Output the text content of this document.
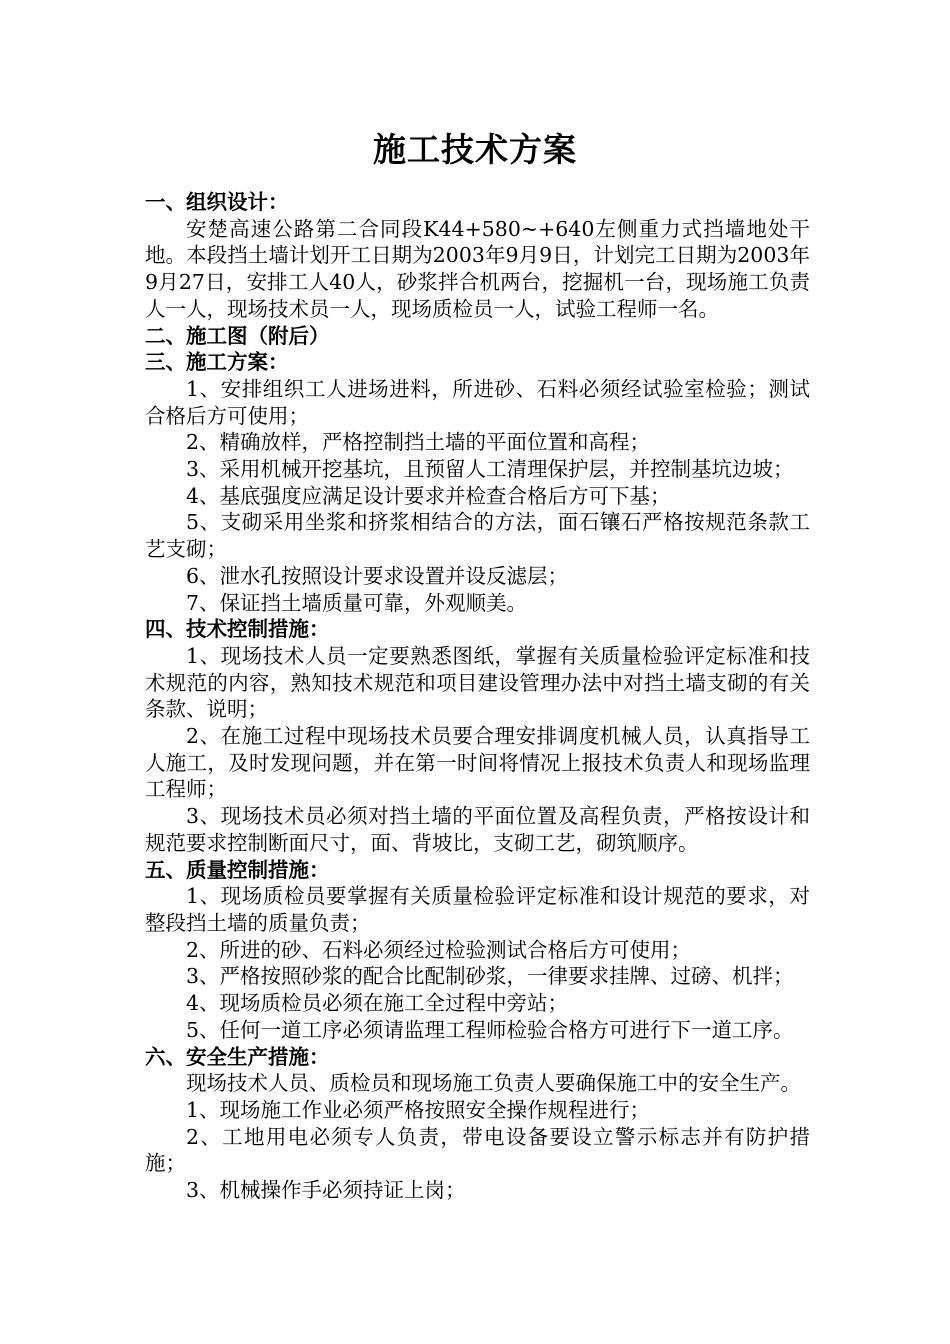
施工技术方案

一、组织设计：

安楚高速公路第二合同段K44+580~+640左侧重力式挡墙地处干地。本段挡土墙计划开工日期为2003年9月9日，计划完工日期为2003年9月27日，安排工人40人，砂浆拌合机两台，挖掘机一台，现场施工负责人一人，现场技术员一人，现场质检员一人，试验工程师一名。

二、施工图（附后）

三、施工方案：

1、安排组织工人进场进料，所进砂、石料必须经试验室检验；测试合格后方可使用；

2、精确放样，严格控制挡土墙的平面位置和高程；

3、采用机械开挖基坑，且预留人工清理保护层，并控制基坑边坡；

4、基底强度应满足设计要求并检查合格后方可下基；

5、支砌采用坐浆和挤浆相结合的方法，面石镶石严格按规范条款工艺支砌；

6、泄水孔按照设计要求设置并设反滤层；

7、保证挡土墙质量可靠，外观顺美。

四、技术控制措施：

1、现场技术人员一定要熟悉图纸，掌握有关质量检验评定标准和技术规范的内容，熟知技术规范和项目建设管理办法中对挡土墙支砌的有关条款、说明；

2、在施工过程中现场技术员要合理安排调度机械人员，认真指导工人施工，及时发现问题，并在第一时间将情况上报技术负责人和现场监理工程师；

3、现场技术员必须对挡土墙的平面位置及高程负责，严格按设计和规范要求控制断面尺寸，面、背坡比，支砌工艺，砌筑顺序。

五、质量控制措施：

1、现场质检员要掌握有关质量检验评定标准和设计规范的要求，对整段挡土墙的质量负责；

2、所进的砂、石料必须经过检验测试合格后方可使用；

3、严格按照砂浆的配合比配制砂浆，一律要求挂牌、过磅、机拌；

4、现场质检员必须在施工全过程中旁站；

5、任何一道工序必须请监理工程师检验合格方可进行下一道工序。

六、安全生产措施：

现场技术人员、质检员和现场施工负责人要确保施工中的安全生产。

1、现场施工作业必须严格按照安全操作规程进行；

2、工地用电必须专人负责，带电设备要设立警示标志并有防护措施；

3、机械操作手必须持证上岗；
